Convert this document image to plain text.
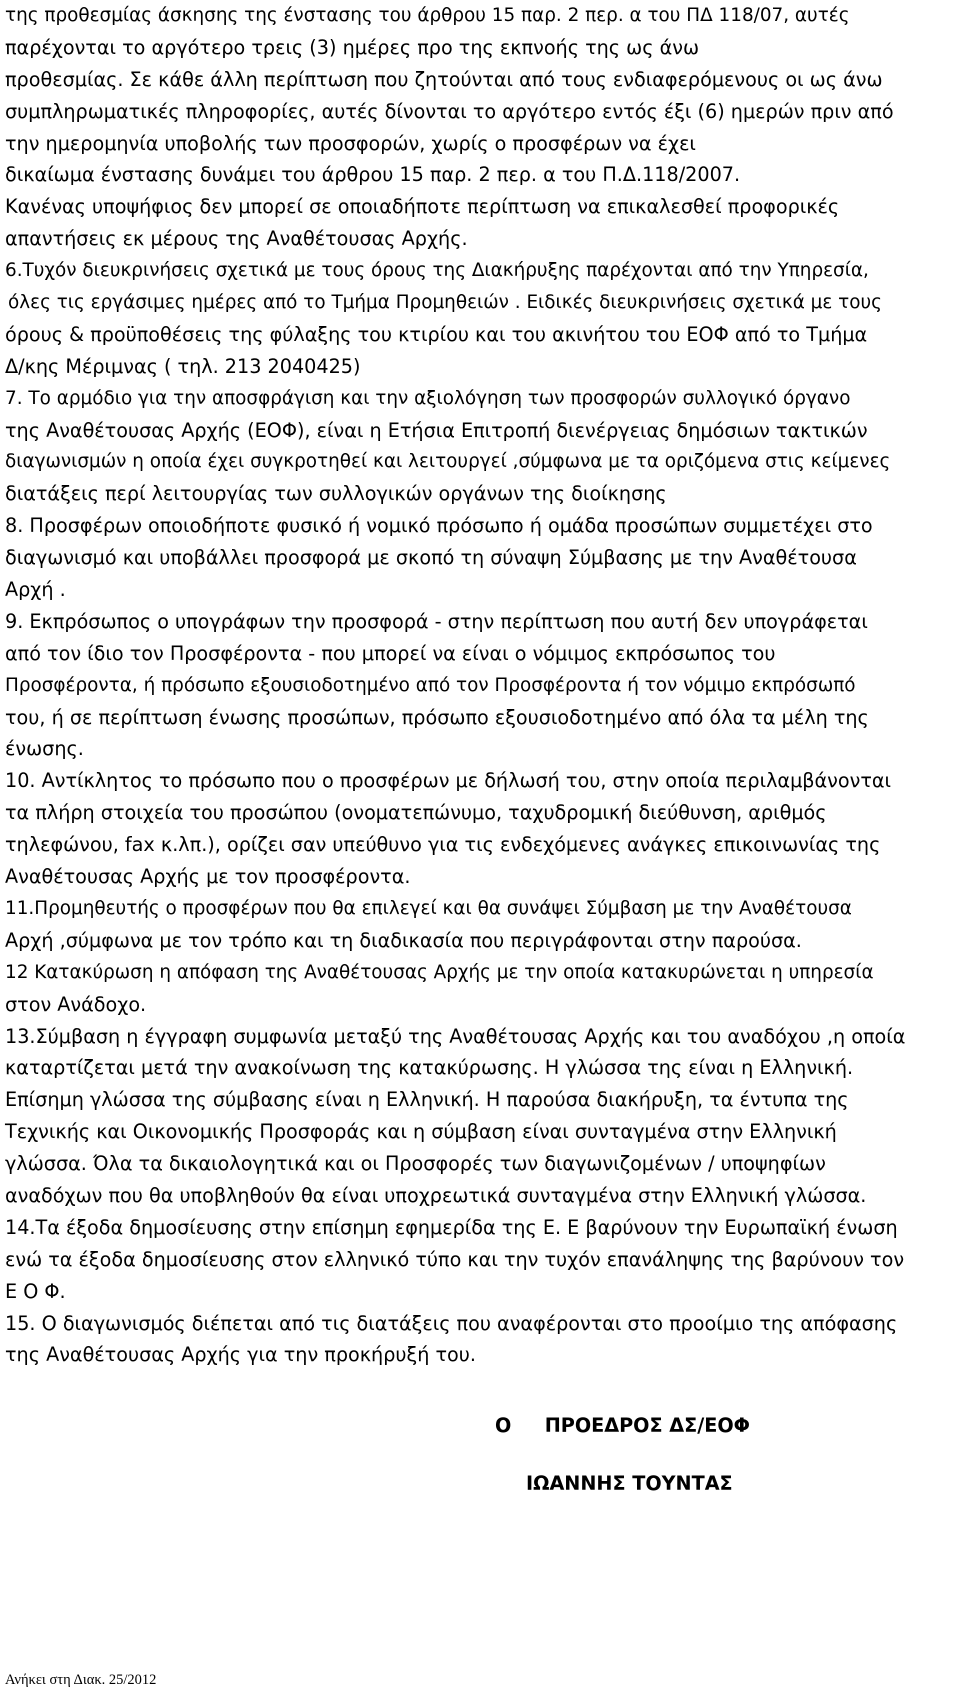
της προθεσμίας άσκησης της ένστασης του άρθρου 15 παρ. 2 περ. α του ΠΔ 118/07, αυτές
παρέχονται το αργότερο τρεις (3) ημέρες προ της εκπνοής της ως άνω
προθεσμίας. Σε κάθε άλλη περίπτωση που ζητούνται από τους ενδιαφερόμενους οι ως άνω
συμπληρωματικές πληροφορίες, αυτές δίνονται το αργότερο εντός έξι (6) ημερών πριν από
την ημερομηνία υποβολής των προσφορών, χωρίς ο προσφέρων να έχει
δικαίωμα ένστασης δυνάμει του άρθρου 15 παρ. 2 περ. α του Π.Δ.118/2007.
Κανένας υποψήφιος δεν μπορεί σε οποιαδήποτε περίπτωση να επικαλεσθεί προφορικές
απαντήσεις εκ μέρους της Αναθέτουσας Αρχής.
6.Τυχόν διευκρινήσεις σχετικά με τους όρους της Διακήρυξης παρέχονται από την Υπηρεσία,
όλες τις εργάσιμες ημέρες από το Τμήμα Προμηθειών . Ειδικές διευκρινήσεις σχετικά με τους
όρους & προϋποθέσεις της φύλαξης του κτιρίου και του ακινήτου του ΕΟΦ από το Τμήμα
Δ/κης Μέριμνας ( τηλ. 213 2040425)
7. Το αρμόδιο για την αποσφράγιση και την αξιολόγηση των προσφορών συλλογικό όργανο
της Αναθέτουσας Αρχής (ΕΟΦ), είναι η Ετήσια Επιτροπή διενέργειας δημόσιων τακτικών
διαγωνισμών η οποία έχει συγκροτηθεί και λειτουργεί ,σύμφωνα με τα οριζόμενα στις κείμενες
διατάξεις περί λειτουργίας των συλλογικών οργάνων της διοίκησης
8. Προσφέρων οποιοδήποτε φυσικό ή νομικό πρόσωπο ή ομάδα προσώπων συμμετέχει στο
διαγωνισμό και υποβάλλει προσφορά με σκοπό τη σύναψη Σύμβασης με την Αναθέτουσα
Αρχή .
9. Εκπρόσωπος ο υπογράφων την προσφορά - στην περίπτωση που αυτή δεν υπογράφεται
από τον ίδιο τον Προσφέροντα - που μπορεί να είναι ο νόμιμος εκπρόσωπος του
Προσφέροντα, ή πρόσωπο εξουσιοδοτημένο από τον Προσφέροντα ή τον νόμιμο εκπρόσωπό
του, ή σε περίπτωση ένωσης προσώπων, πρόσωπο εξουσιοδοτημένο από όλα τα μέλη της
ένωσης.
10. Αντίκλητος το πρόσωπο που ο προσφέρων με δήλωσή του, στην οποία περιλαμβάνονται
τα πλήρη στοιχεία του προσώπου (ονοματεπώνυμο, ταχυδρομική διεύθυνση, αριθμός
τηλεφώνου, fax κ.λπ.), ορίζει σαν υπεύθυνο για τις ενδεχόμενες ανάγκες επικοινωνίας της
Αναθέτουσας Αρχής με τον προσφέροντα.
11.Προμηθευτής ο προσφέρων που θα επιλεγεί και θα συνάψει Σύμβαση με την Αναθέτουσα
Αρχή ,σύμφωνα με τον τρόπο και τη διαδικασία που περιγράφονται στην παρούσα.
12 Κατακύρωση η απόφαση της Αναθέτουσας Αρχής με την οποία κατακυρώνεται η υπηρεσία
στον Ανάδοχο.
13.Σύμβαση η έγγραφη συμφωνία μεταξύ της Αναθέτουσας Αρχής και του αναδόχου ,η οποία
καταρτίζεται μετά την ανακοίνωση της κατακύρωσης. Η γλώσσα της είναι η Ελληνική.
Επίσημη γλώσσα της σύμβασης είναι η Ελληνική. Η παρούσα διακήρυξη, τα έντυπα της
Τεχνικής και Οικονομικής Προσφοράς και η σύμβαση είναι συνταγμένα στην Ελληνική
γλώσσα. Όλα τα δικαιολογητικά και οι Προσφορές των διαγωνιζομένων / υποψηφίων
αναδόχων που θα υποβληθούν θα είναι υποχρεωτικά συνταγμένα στην Ελληνική γλώσσα.
14.Τα έξοδα δημοσίευσης στην επίσημη εφημερίδα της Ε. Ε βαρύνουν την Ευρωπαϊκή ένωση
ενώ τα έξοδα δημοσίευσης στον ελληνικό τύπο και την τυχόν επανάληψης της βαρύνουν τον
Ε Ο Φ.
15. Ο διαγωνισμός διέπεται από τις διατάξεις που αναφέρονται στο προοίμιο της απόφασης
της Αναθέτουσας Αρχής για την προκήρυξή του.
Ο     ΠΡΟΕΔΡΟΣ ΔΣ/ΕΟΦ
ΙΩΑΝΝΗΣ ΤΟΥΝΤΑΣ
Ανήκει στη Διακ. 25/2012
